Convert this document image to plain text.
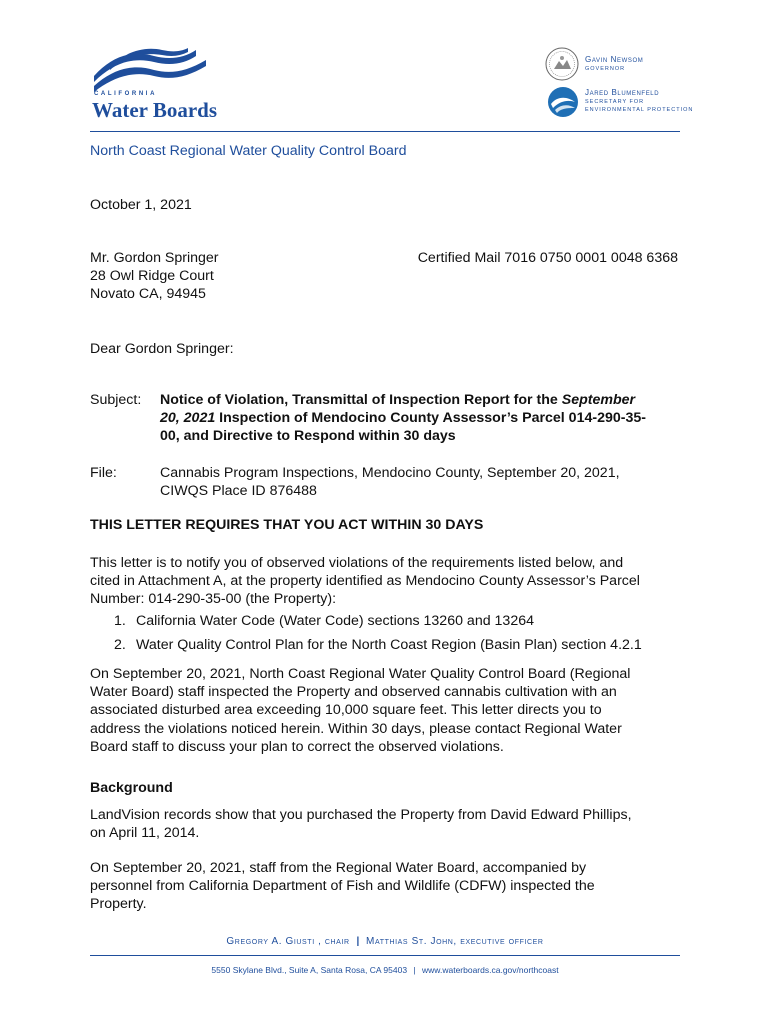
CALIFORNIA
Water Boards
Gavin Newsom
GOVERNOR
Jared Blumenfeld
SECRETARY FOR
ENVIRONMENTAL PROTECTION
North Coast Regional Water Quality Control Board
October 1, 2021
Mr. Gordon Springer
28 Owl Ridge Court
Novato CA, 94945
Certified Mail 7016 0750 0001 0048 6368
Dear Gordon Springer:
Subject: Notice of Violation, Transmittal of Inspection Report for the September
20, 2021 Inspection of Mendocino County Assessor’s Parcel 014-290-35-
00, and Directive to Respond within 30 days
File:	Cannabis Program Inspections, Mendocino County, September 20, 2021,
CIWQS Place ID 876488
THIS LETTER REQUIRES THAT YOU ACT WITHIN 30 DAYS
This letter is to notify you of observed violations of the requirements listed below, and
cited in Attachment A, at the property identified as Mendocino County Assessor’s Parcel
Number: 014-290-35-00 (the Property):
1. California Water Code (Water Code) sections 13260 and 13264
2. Water Quality Control Plan for the North Coast Region (Basin Plan) section 4.2.1
On September 20, 2021, North Coast Regional Water Quality Control Board (Regional
Water Board) staff inspected the Property and observed cannabis cultivation with an
associated disturbed area exceeding 10,000 square feet. This letter directs you to
address the violations noticed herein. Within 30 days, please contact Regional Water
Board staff to discuss your plan to correct the observed violations.
Background
LandVision records show that you purchased the Property from David Edward Phillips,
on April 11, 2014.
On September 20, 2021, staff from the Regional Water Board, accompanied by
personnel from California Department of Fish and Wildlife (CDFW) inspected the
Property.
Gregory A. Giusti , chair | Matthias St. John, executive officer
5550 Skylane Blvd., Suite A, Santa Rosa, CA 95403 | www.waterboards.ca.gov/northcoast
